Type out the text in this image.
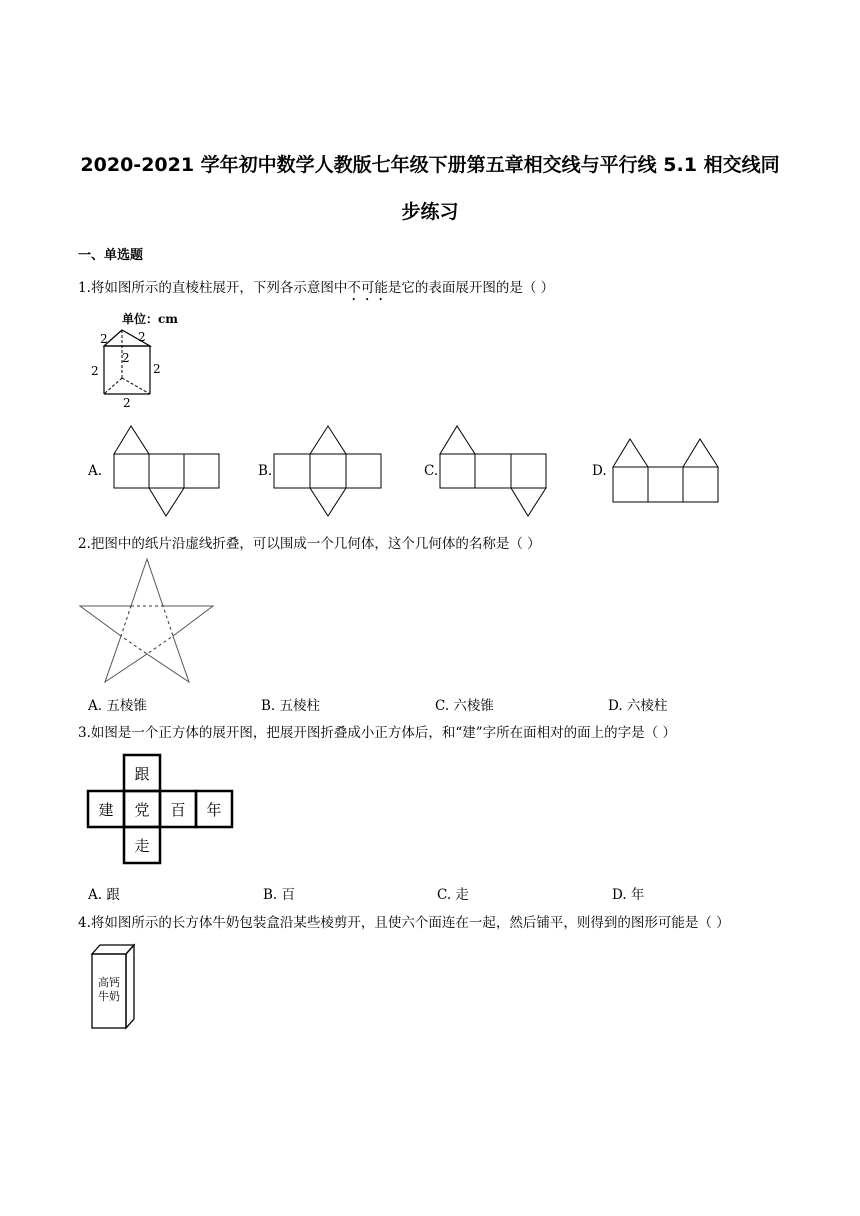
2020-2021 学年初中数学人教版七年级下册第五章相交线与平行线 5.1 相交线同
步练习
一、单选题
1.将如图所示的直棱柱展开，下列各示意图中不可能是它的表面展开图的是（ ）
单位：cm
2	2
2
2	2
2
A.	B.	C.	D.
2.把图中的纸片沿虚线折叠，可以围成一个几何体，这个几何体的名称是（ ）
A. 五棱锥	B. 五棱柱	C. 六棱锥	D. 六棱柱
3.如图是一个正方体的展开图，把展开图折叠成小正方体后，和“建”字所在面相对的面上的字是（ ）
跟
建 党 百 年
走
A. 跟	B. 百	C. 走	D. 年
4.将如图所示的长方体牛奶包装盒沿某些棱剪开，且使六个面连在一起，然后铺平，则得到的图形可能是（ ）
高钙
牛奶
